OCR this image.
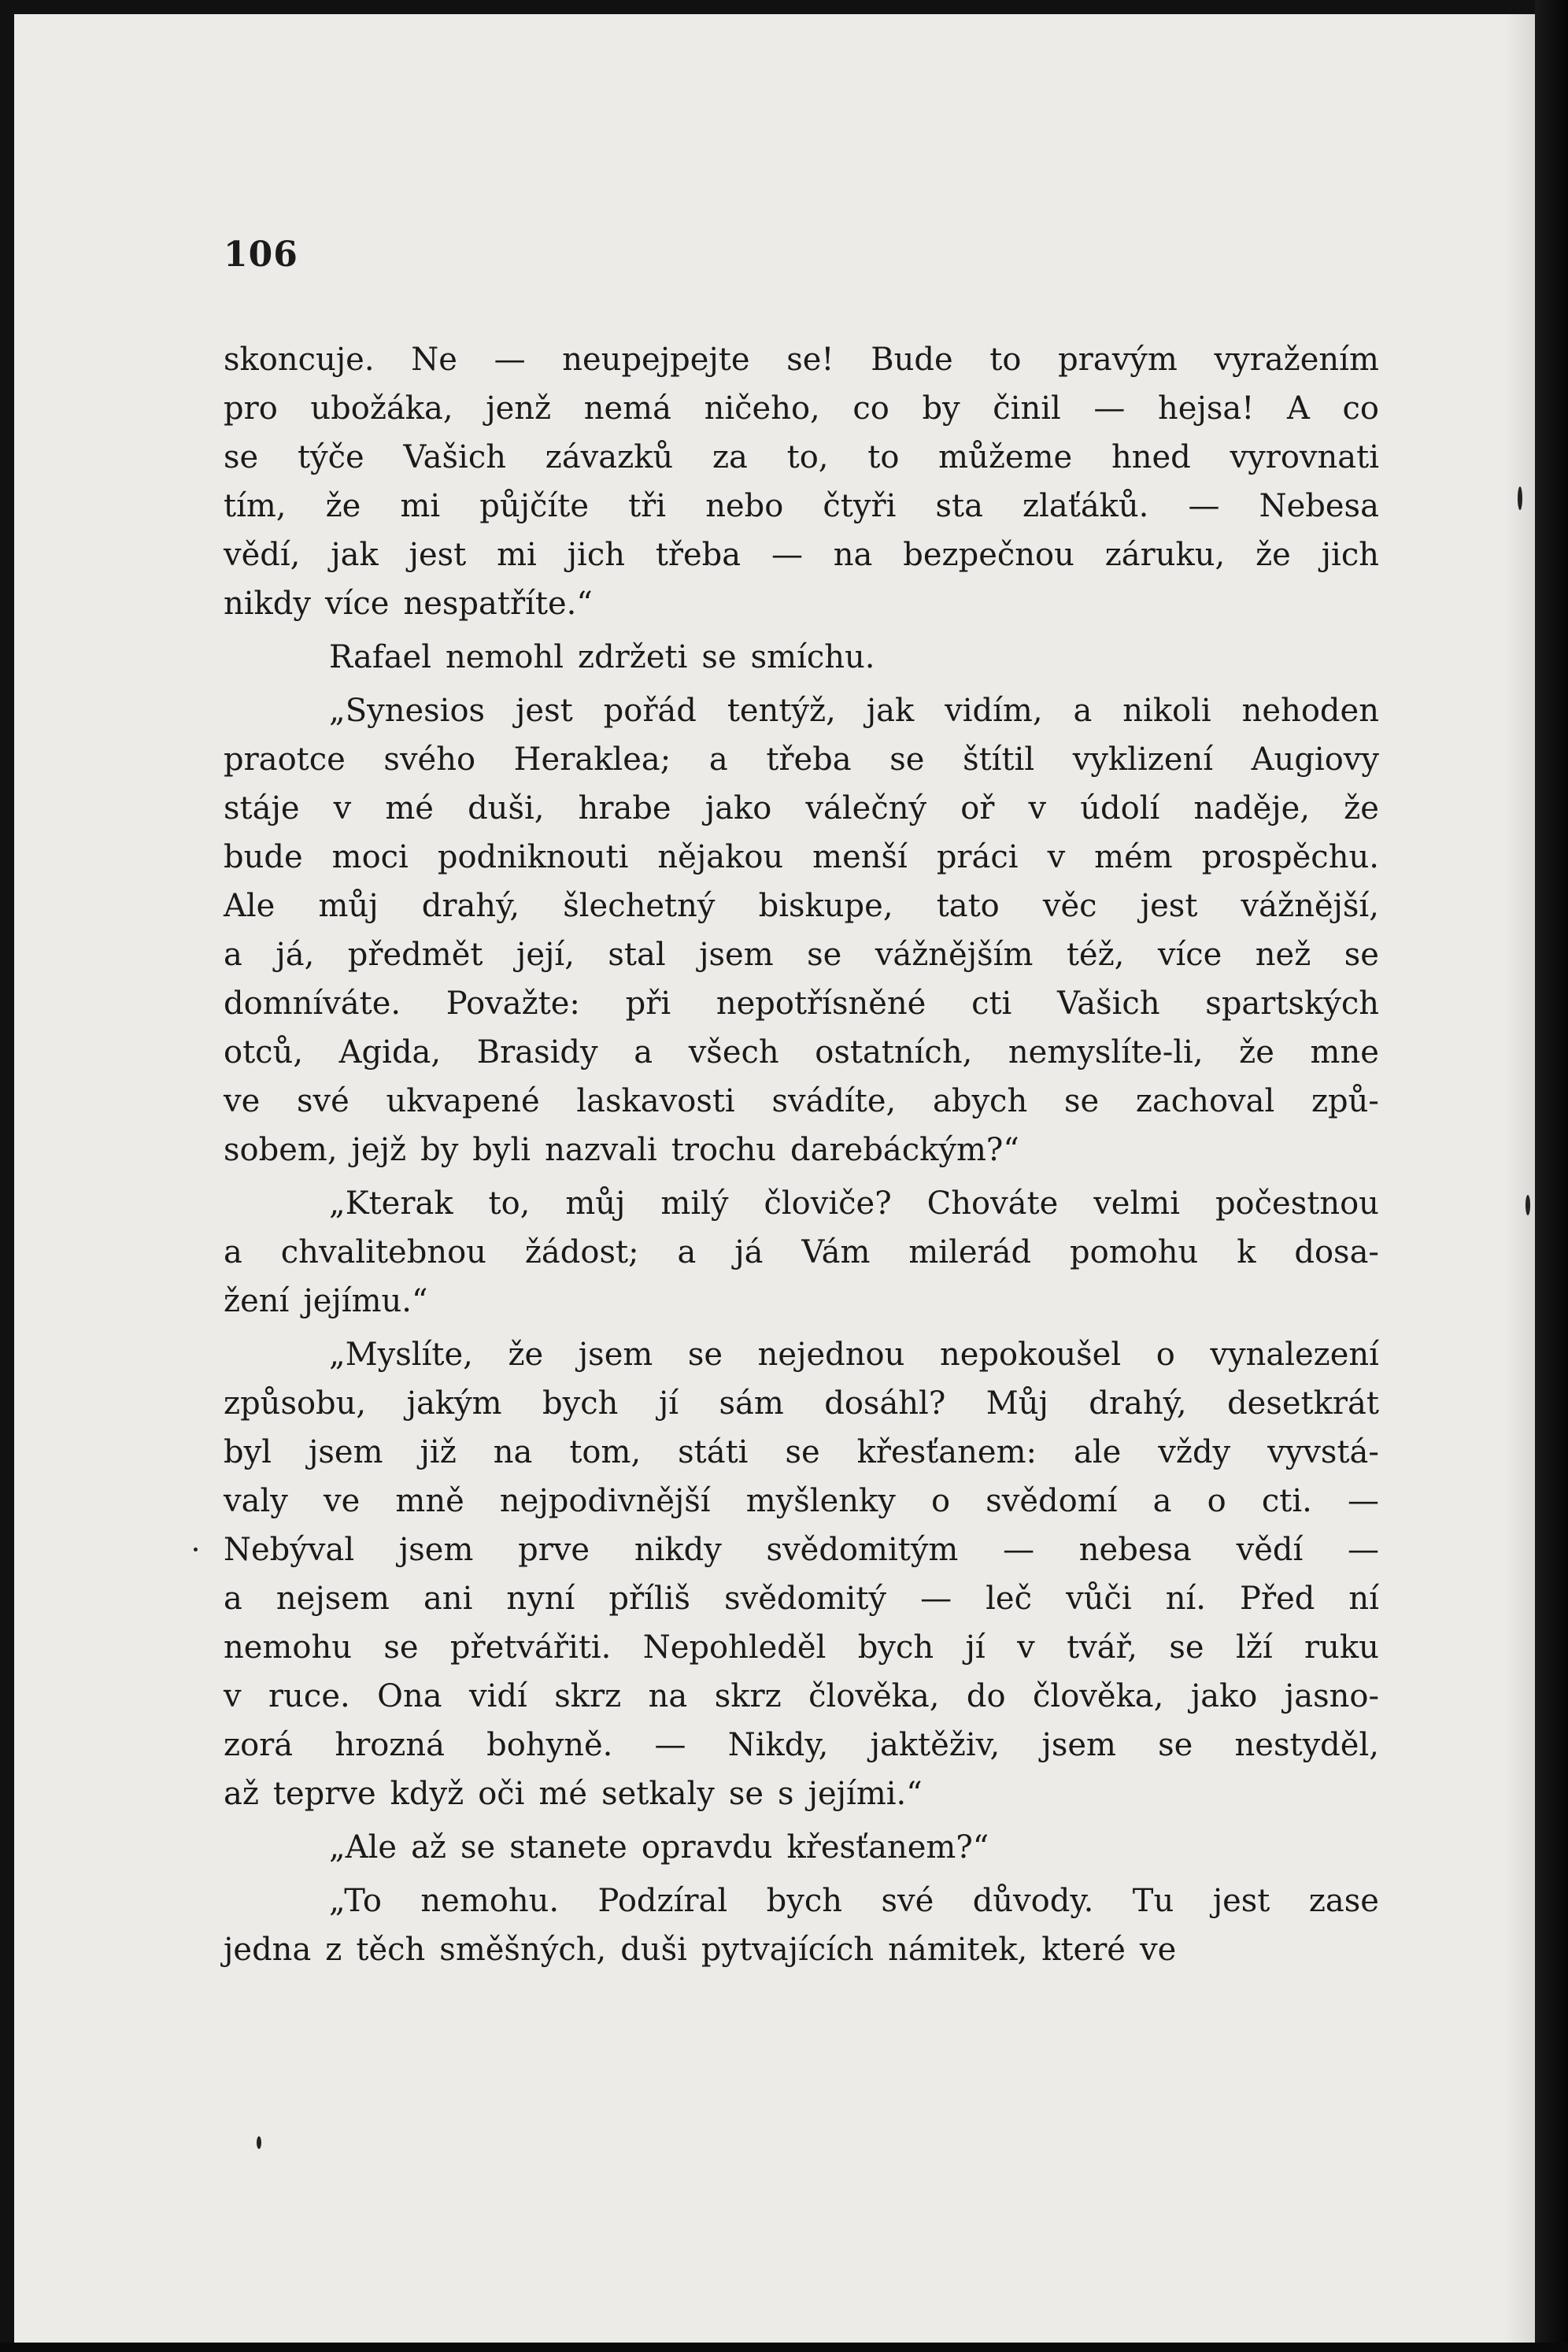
106
skoncuje. Ne — neupejpejte se! Bude to pravým vyražením
pro ubožáka, jenž nemá ničeho, co by činil — hejsa! A co
se týče Vašich závazků za to, to můžeme hned vyrovnati
tím, že mi půjčíte tři nebo čtyři sta zlaťáků. — Nebesa
vědí, jak jest mi jich třeba — na bezpečnou záruku, že jich
nikdy více nespatříte.“
Rafael nemohl zdržeti se smíchu.
„Synesios jest pořád tentýž, jak vidím, a nikoli nehoden
praotce svého Heraklea; a třeba se štítil vyklizení Augiovy
stáje v mé duši, hrabe jako válečný oř v údolí naděje, že
bude moci podniknouti nějakou menší práci v mém prospěchu.
Ale můj drahý, šlechetný biskupe, tato věc jest vážnější,
a já, předmět její, stal jsem se vážnějším též, více než se
domníváte. Považte: při nepotřísněné cti Vašich spartských
otců, Agida, Brasidy a všech ostatních, nemyslíte-li, že mne
ve své ukvapené laskavosti svádíte, abych se zachoval způ-
sobem, jejž by byli nazvali trochu darebáckým?“
„Kterak to, můj milý človiče? Chováte velmi počestnou
a chvalitebnou žádost; a já Vám milerád pomohu k dosa-
žení jejímu.“
„Myslíte, že jsem se nejednou nepokoušel o vynalezení
způsobu, jakým bych jí sám dosáhl? Můj drahý, desetkrát
byl jsem již na tom, státi se křesťanem: ale vždy vyvstá-
valy ve mně nejpodivnější myšlenky o svědomí a o cti. —
Nebýval jsem prve nikdy svědomitým — nebesa vědí —
a nejsem ani nyní příliš svědomitý — leč vůči ní. Před ní
nemohu se přetvářiti. Nepohleděl bych jí v tvář, se lží ruku
v ruce. Ona vidí skrz na skrz člověka, do člověka, jako jasno-
zorá hrozná bohyně. — Nikdy, jaktěživ, jsem se nestyděl,
až teprve když oči mé setkaly se s jejími.“
„Ale až se stanete opravdu křesťanem?“
„To nemohu. Podzíral bych své důvody. Tu jest zase
jedna z těch směšných, duši pytvajících námitek, které ve
